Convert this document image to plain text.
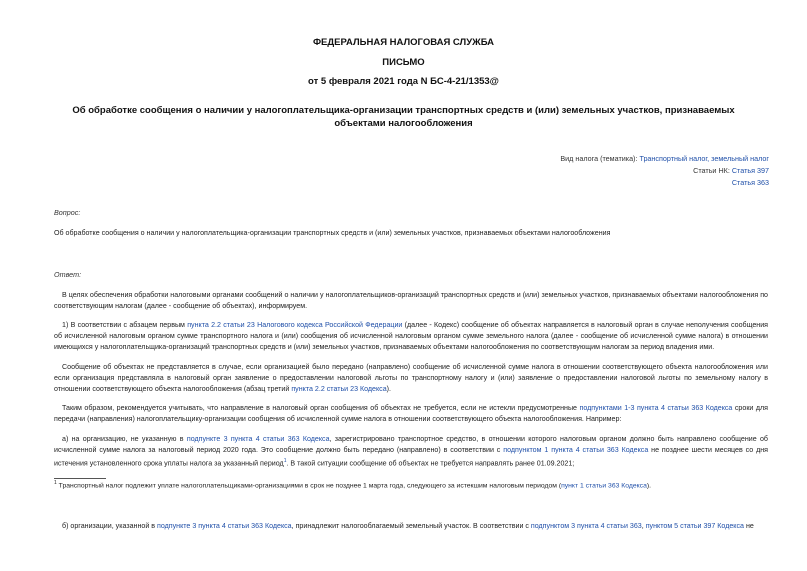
ФЕДЕРАЛЬНАЯ НАЛОГОВАЯ СЛУЖБА
ПИСЬМО
от 5 февраля 2021 года N БС-4-21/1353@
Об обработке сообщения о наличии у налогоплательщика-организации транспортных средств и (или) земельных участков, признаваемых объектами налогообложения
Вид налога (тематика): Транспортный налог, земельный налог
Статьи НК: Статья 397
Статья 363
Вопрос:
Об обработке сообщения о наличии у налогоплательщика-организации транспортных средств и (или) земельных участков, признаваемых объектами налогообложения
Ответ:
В целях обеспечения обработки налоговыми органами сообщений о наличии у налогоплательщиков-организаций транспортных средств и (или) земельных участков, признаваемых объектами налогообложения по соответствующим налогам (далее - сообщение об объектах), информируем.
1) В соответствии с абзацем первым пункта 2.2 статьи 23 Налогового кодекса Российской Федерации (далее - Кодекс) сообщение об объектах направляется в налоговый орган в случае неполучения сообщения об исчисленной налоговым органом сумме транспортного налога и (или) сообщения об исчисленной налоговым органом сумме земельного налога (далее - сообщение об исчисленной сумме налога) в отношении имеющихся у налогоплательщика-организаций транспортных средств и (или) земельных участков, признаваемых объектами налогообложения по соответствующим налогам за период владения ими.
Сообщение об объектах не представляется в случае, если организацией было передано (направлено) сообщение об исчисленной сумме налога в отношении соответствующего объекта налогообложения или если организация представляла в налоговый орган заявление о предоставлении налоговой льготы по транспортному налогу и (или) заявление о предоставлении налоговой льготы по земельному налогу в отношении соответствующего объекта налогообложения (абзац третий пункта 2.2 статьи 23 Кодекса).
Таким образом, рекомендуется учитывать, что направление в налоговый орган сообщения об объектах не требуется, если не истекли предусмотренные подпунктами 1-3 пункта 4 статьи 363 Кодекса сроки для передачи (направления) налогоплательщику-организации сообщения об исчисленной сумме налога в отношении соответствующего объекта налогообложения. Например:
а) на организацию, не указанную в подпункте 3 пункта 4 статьи 363 Кодекса, зарегистрировано транспортное средство, в отношении которого налоговым органом должно быть направлено сообщение об исчисленной сумме налога за налоговый период 2020 года. Это сообщение должно быть передано (направлено) в соответствии с подпунктом 1 пункта 4 статьи 363 Кодекса не позднее шести месяцев со дня истечения установленного срока уплаты налога за указанный период$^1$. В такой ситуации сообщение об объектах не требуется направлять ранее 01.09.2021;
$^1$ Транспортный налог подлежит уплате налогоплательщиками-организациями в срок не позднее 1 марта года, следующего за истекшим налоговым периодом (пункт 1 статьи 363 Кодекса).
б) организации, указанной в подпункте 3 пункта 4 статьи 363 Кодекса, принадлежит налогооблагаемый земельный участок. В соответствии с подпунктом 3 пункта 4 статьи 363, пунктом 5 статьи 397 Кодекса не
